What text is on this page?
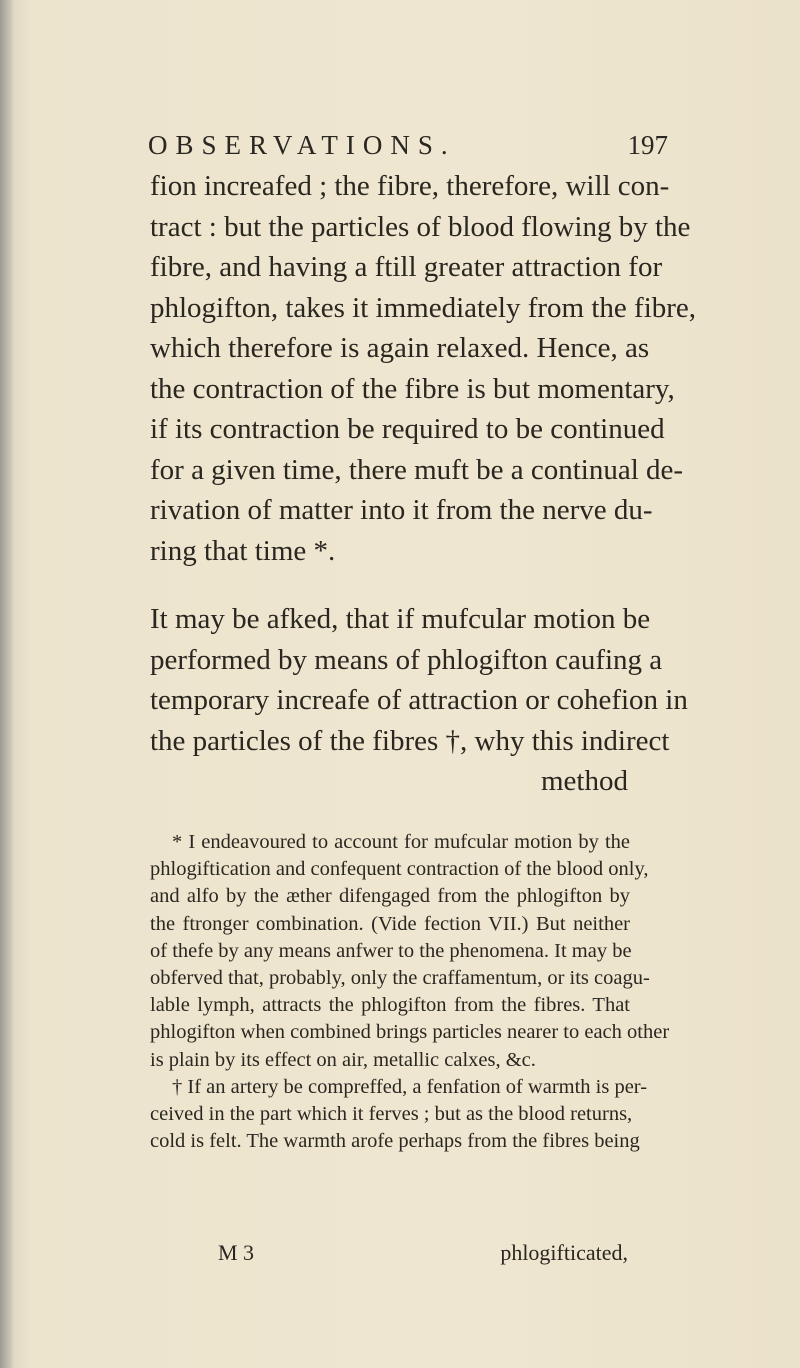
OBSERVATIONS.	197
fion increafed ; the fibre, therefore, will con-
tract : but the particles of blood flowing by the
fibre, and having a ftill greater attraction for
phlogifton, takes it immediately from the fibre,
which therefore is again relaxed. Hence, as
the contraction of the fibre is but momentary,
if its contraction be required to be continued
for a given time, there muft be a continual de-
rivation of matter into it from the nerve du-
ring that time *.
It may be afked, that if mufcular motion be
performed by means of phlogifton caufing a
temporary increafe of attraction or cohefion in
the particles of the fibres †, why this indirect
method
* I endeavoured to account for mufcular motion by the
phlogiftication and confequent contraction of the blood only,
and alfo by the æther difengaged from the phlogifton by
the ftronger combination. (Vide fection VII.) But neither
of thefe by any means anfwer to the phenomena. It may be
obferved that, probably, only the craffamentum, or its coagu-
lable lymph, attracts the phlogifton from the fibres. That
phlogifton when combined brings particles nearer to each other
is plain by its effect on air, metallic calxes, &c.
† If an artery be compreffed, a fenfation of warmth is per-
ceived in the part which it ferves ; but as the blood returns,
cold is felt. The warmth arofe perhaps from the fibres being
M 3	phlogifticated,
